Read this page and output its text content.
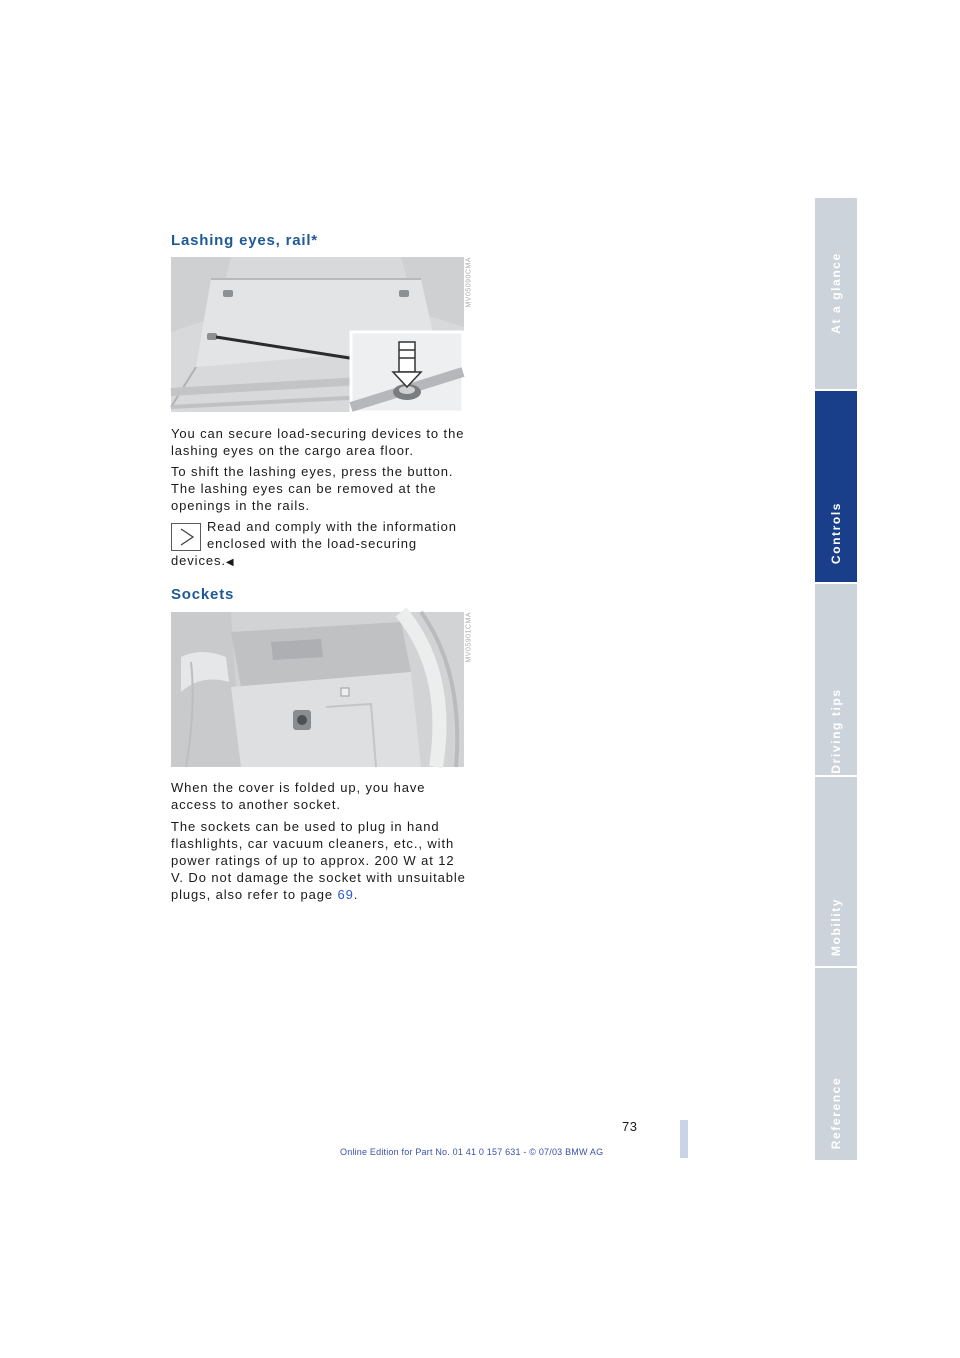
Lashing eyes, rail*
MV05090CMA

You can secure load-securing devices to the lashing eyes on the cargo area floor.

To shift the lashing eyes, press the button. The lashing eyes can be removed at the openings in the rails.

Read and comply with the information
enclosed with the load-securing
devices.◀
Sockets
MV05901CMA

When the cover is folded up, you have access to another socket.

The sockets can be used to plug in hand flashlights, car vacuum cleaners, etc., with power ratings of up to approx. 200 W at 12 V. Do not damage the socket with unsuitable plugs, also refer to page 69.

At a glance
Controls
Driving tips
Mobility
Reference
73
Online Edition for Part No. 01 41 0 157 631 - © 07/03 BMW AG
